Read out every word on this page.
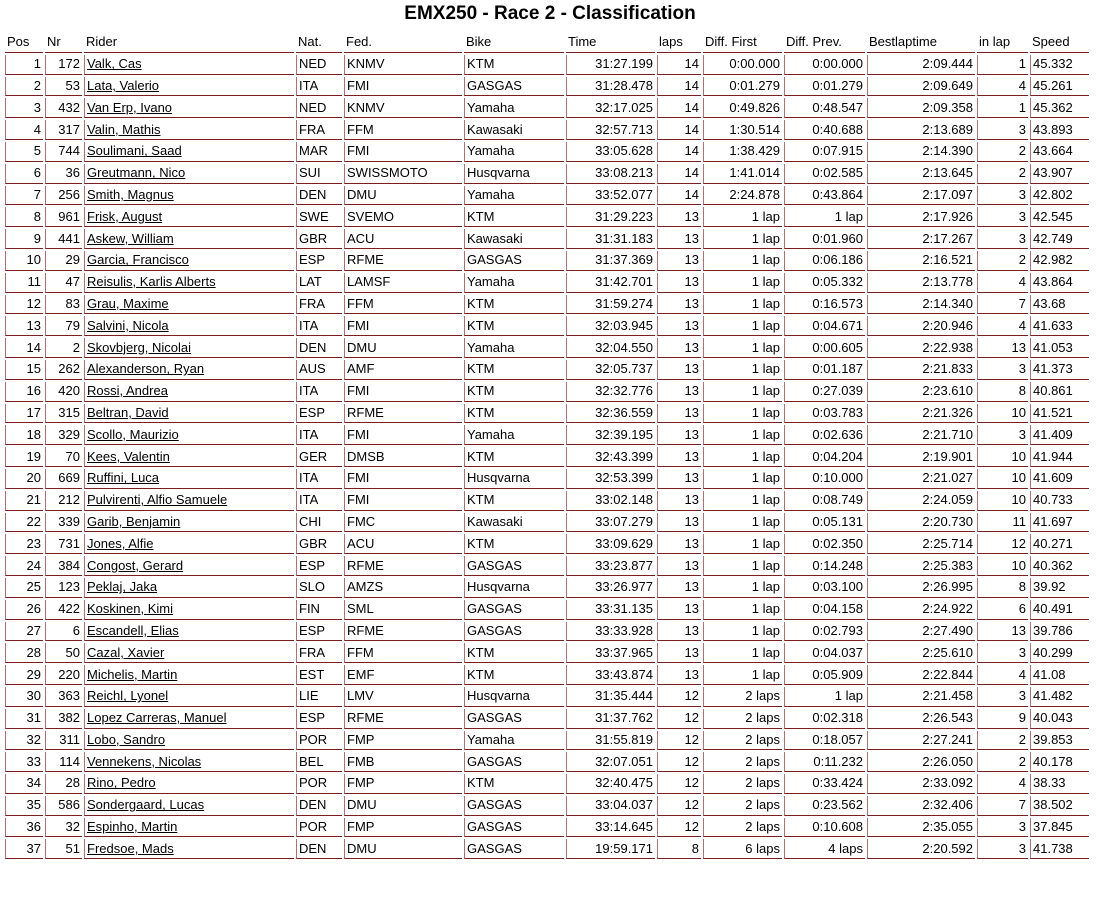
EMX250 - Race 2 - Classification
Pos	Nr	Rider	Nat.	Fed.	Bike	Time	laps	Diff. First	Diff. Prev.	Bestlaptime	in lap	Speed
1	172	Valk, Cas	NED	KNMV	KTM	31:27.199	14	0:00.000	0:00.000	2:09.444	1	45.332
2	53	Lata, Valerio	ITA	FMI	GASGAS	31:28.478	14	0:01.279	0:01.279	2:09.649	4	45.261
3	432	Van Erp, Ivano	NED	KNMV	Yamaha	32:17.025	14	0:49.826	0:48.547	2:09.358	1	45.362
4	317	Valin, Mathis	FRA	FFM	Kawasaki	32:57.713	14	1:30.514	0:40.688	2:13.689	3	43.893
5	744	Soulimani, Saad	MAR	FMI	Yamaha	33:05.628	14	1:38.429	0:07.915	2:14.390	2	43.664
6	36	Greutmann, Nico	SUI	SWISSMOTO	Husqvarna	33:08.213	14	1:41.014	0:02.585	2:13.645	2	43.907
7	256	Smith, Magnus	DEN	DMU	Yamaha	33:52.077	14	2:24.878	0:43.864	2:17.097	3	42.802
8	961	Frisk, August	SWE	SVEMO	KTM	31:29.223	13	1 lap	1 lap	2:17.926	3	42.545
9	441	Askew, William	GBR	ACU	Kawasaki	31:31.183	13	1 lap	0:01.960	2:17.267	3	42.749
10	29	Garcia, Francisco	ESP	RFME	GASGAS	31:37.369	13	1 lap	0:06.186	2:16.521	2	42.982
11	47	Reisulis, Karlis Alberts	LAT	LAMSF	Yamaha	31:42.701	13	1 lap	0:05.332	2:13.778	4	43.864
12	83	Grau, Maxime	FRA	FFM	KTM	31:59.274	13	1 lap	0:16.573	2:14.340	7	43.68
13	79	Salvini, Nicola	ITA	FMI	KTM	32:03.945	13	1 lap	0:04.671	2:20.946	4	41.633
14	2	Skovbjerg, Nicolai	DEN	DMU	Yamaha	32:04.550	13	1 lap	0:00.605	2:22.938	13	41.053
15	262	Alexanderson, Ryan	AUS	AMF	KTM	32:05.737	13	1 lap	0:01.187	2:21.833	3	41.373
16	420	Rossi, Andrea	ITA	FMI	KTM	32:32.776	13	1 lap	0:27.039	2:23.610	8	40.861
17	315	Beltran, David	ESP	RFME	KTM	32:36.559	13	1 lap	0:03.783	2:21.326	10	41.521
18	329	Scollo, Maurizio	ITA	FMI	Yamaha	32:39.195	13	1 lap	0:02.636	2:21.710	3	41.409
19	70	Kees, Valentin	GER	DMSB	KTM	32:43.399	13	1 lap	0:04.204	2:19.901	10	41.944
20	669	Ruffini, Luca	ITA	FMI	Husqvarna	32:53.399	13	1 lap	0:10.000	2:21.027	10	41.609
21	212	Pulvirenti, Alfio Samuele	ITA	FMI	KTM	33:02.148	13	1 lap	0:08.749	2:24.059	10	40.733
22	339	Garib, Benjamin	CHI	FMC	Kawasaki	33:07.279	13	1 lap	0:05.131	2:20.730	11	41.697
23	731	Jones, Alfie	GBR	ACU	KTM	33:09.629	13	1 lap	0:02.350	2:25.714	12	40.271
24	384	Congost, Gerard	ESP	RFME	GASGAS	33:23.877	13	1 lap	0:14.248	2:25.383	10	40.362
25	123	Peklaj, Jaka	SLO	AMZS	Husqvarna	33:26.977	13	1 lap	0:03.100	2:26.995	8	39.92
26	422	Koskinen, Kimi	FIN	SML	GASGAS	33:31.135	13	1 lap	0:04.158	2:24.922	6	40.491
27	6	Escandell, Elias	ESP	RFME	GASGAS	33:33.928	13	1 lap	0:02.793	2:27.490	13	39.786
28	50	Cazal, Xavier	FRA	FFM	KTM	33:37.965	13	1 lap	0:04.037	2:25.610	3	40.299
29	220	Michelis, Martin	EST	EMF	KTM	33:43.874	13	1 lap	0:05.909	2:22.844	4	41.08
30	363	Reichl, Lyonel	LIE	LMV	Husqvarna	31:35.444	12	2 laps	1 lap	2:21.458	3	41.482
31	382	Lopez Carreras, Manuel	ESP	RFME	GASGAS	31:37.762	12	2 laps	0:02.318	2:26.543	9	40.043
32	311	Lobo, Sandro	POR	FMP	Yamaha	31:55.819	12	2 laps	0:18.057	2:27.241	2	39.853
33	114	Vennekens, Nicolas	BEL	FMB	GASGAS	32:07.051	12	2 laps	0:11.232	2:26.050	2	40.178
34	28	Rino, Pedro	POR	FMP	KTM	32:40.475	12	2 laps	0:33.424	2:33.092	4	38.33
35	586	Sondergaard, Lucas	DEN	DMU	GASGAS	33:04.037	12	2 laps	0:23.562	2:32.406	7	38.502
36	32	Espinho, Martin	POR	FMP	GASGAS	33:14.645	12	2 laps	0:10.608	2:35.055	3	37.845
37	51	Fredsoe, Mads	DEN	DMU	GASGAS	19:59.171	8	6 laps	4 laps	2:20.592	3	41.738
